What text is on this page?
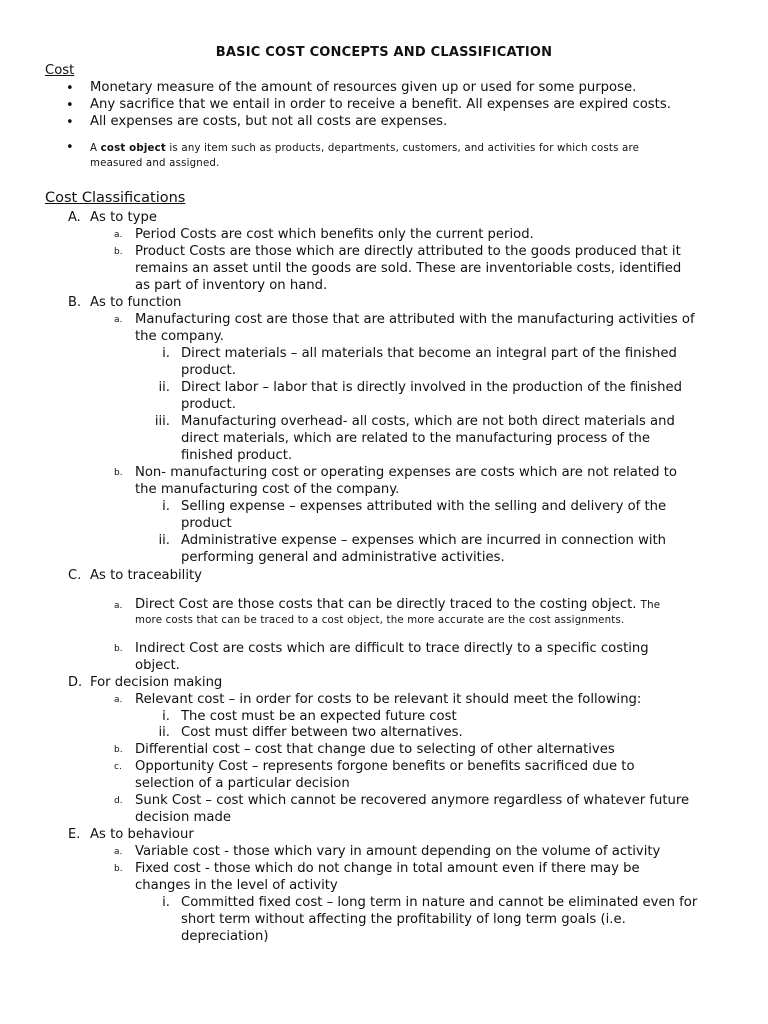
BASIC COST CONCEPTS AND CLASSIFICATION
Cost
• Monetary measure of the amount of resources given up or used for some purpose.
• Any sacrifice that we entail in order to receive a benefit. All expenses are expired costs.
• All expenses are costs, but not all costs are expenses.
• A cost object is any item such as products, departments, customers, and activities for which costs are
measured and assigned.
Cost Classifications
A. As to type
a. Period Costs are cost which benefits only the current period.
b. Product Costs are those which are directly attributed to the goods produced that it
remains an asset until the goods are sold. These are inventoriable costs, identified
as part of inventory on hand.
B. As to function
a. Manufacturing cost are those that are attributed with the manufacturing activities of
the company.
i. Direct materials – all materials that become an integral part of the finished
product.
ii. Direct labor – labor that is directly involved in the production of the finished
product.
iii. Manufacturing overhead- all costs, which are not both direct materials and
direct materials, which are related to the manufacturing process of the
finished product.
b. Non- manufacturing cost or operating expenses are costs which are not related to
the manufacturing cost of the company.
i. Selling expense – expenses attributed with the selling and delivery of the
product
ii. Administrative expense – expenses which are incurred in connection with
performing general and administrative activities.
C. As to traceability
a. Direct Cost are those costs that can be directly traced to the costing object. The
more costs that can be traced to a cost object, the more accurate are the cost assignments.
b. Indirect Cost are costs which are difficult to trace directly to a specific costing
object.
D. For decision making
a. Relevant cost – in order for costs to be relevant it should meet the following:
i. The cost must be an expected future cost
ii. Cost must differ between two alternatives.
b. Differential cost – cost that change due to selecting of other alternatives
c. Opportunity Cost – represents forgone benefits or benefits sacrificed due to
selection of a particular decision
d. Sunk Cost – cost which cannot be recovered anymore regardless of whatever future
decision made
E. As to behaviour
a. Variable cost - those which vary in amount depending on the volume of activity
b. Fixed cost - those which do not change in total amount even if there may be
changes in the level of activity
i. Committed fixed cost – long term in nature and cannot be eliminated even for
short term without affecting the profitability of long term goals (i.e.
depreciation)
